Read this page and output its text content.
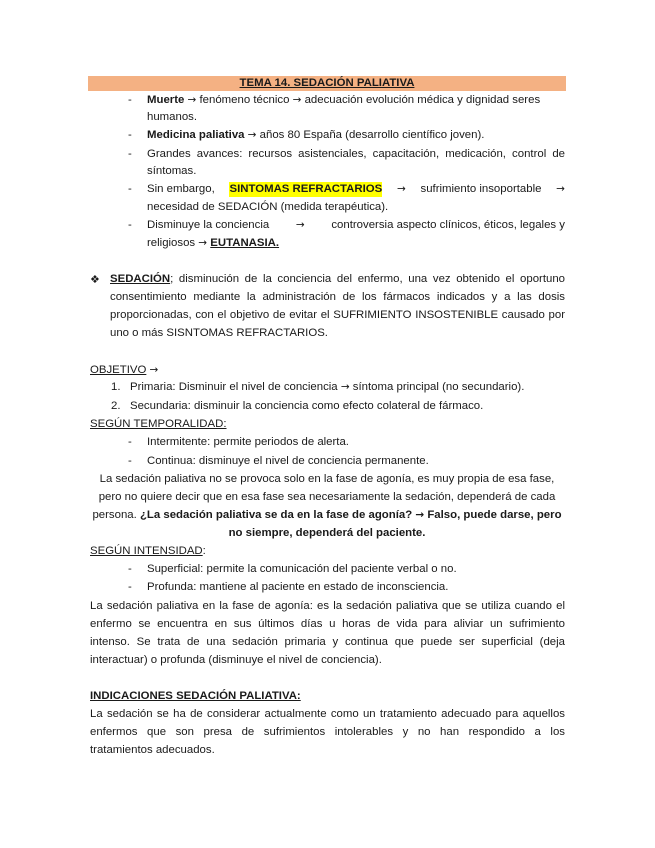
TEMA 14. SEDACIÓN PALIATIVA
- Muerte → fenómeno técnico → adecuación evolución médica y dignidad seres
humanos.
- Medicina paliativa → años 80 España (desarrollo científico joven).
- Grandes avances: recursos asistenciales, capacitación, medicación, control de
síntomas.
- Sin embargo, SINTOMAS REFRACTARIOS → sufrimiento insoportable →
necesidad de SEDACIÓN (medida terapéutica).
- Disminuye la conciencia	→ controversia aspecto clínicos, éticos, legales y
religiosos → EUTANASIA.
❖ SEDACIÓN; disminución de la conciencia del enfermo, una vez obtenido el oportuno
consentimiento mediante la administración de los fármacos indicados y a las dosis
proporcionadas, con el objetivo de evitar el SUFRIMIENTO INSOSTENIBLE causado por
uno o más SISNTOMAS REFRACTARIOS.
OBJETIVO →
1. Primaria: Disminuir el nivel de conciencia → síntoma principal (no secundario).
2. Secundaria: disminuir la conciencia como efecto colateral de fármaco.
SEGÚN TEMPORALIDAD:
- Intermitente: permite periodos de alerta.
- Continua: disminuye el nivel de conciencia permanente.
La sedación paliativa no se provoca solo en la fase de agonía, es muy propia de esa fase,
pero no quiere decir que en esa fase sea necesariamente la sedación, dependerá de cada
persona. ¿La sedación paliativa se da en la fase de agonía? → Falso, puede darse, pero
no siempre, dependerá del paciente.
SEGÚN INTENSIDAD:
- Superficial: permite la comunicación del paciente verbal o no.
- Profunda: mantiene al paciente en estado de inconsciencia.
La sedación paliativa en la fase de agonía: es la sedación paliativa que se utiliza cuando el
enfermo se encuentra en sus últimos días u horas de vida para aliviar un sufrimiento
intenso. Se trata de una sedación primaria y continua que puede ser superficial (deja
interactuar) o profunda (disminuye el nivel de conciencia).
INDICACIONES SEDACIÓN PALIATIVA:
La sedación se ha de considerar actualmente como un tratamiento adecuado para aquellos
enfermos que son presa de sufrimientos intolerables y no han respondido a los
tratamientos adecuados.
